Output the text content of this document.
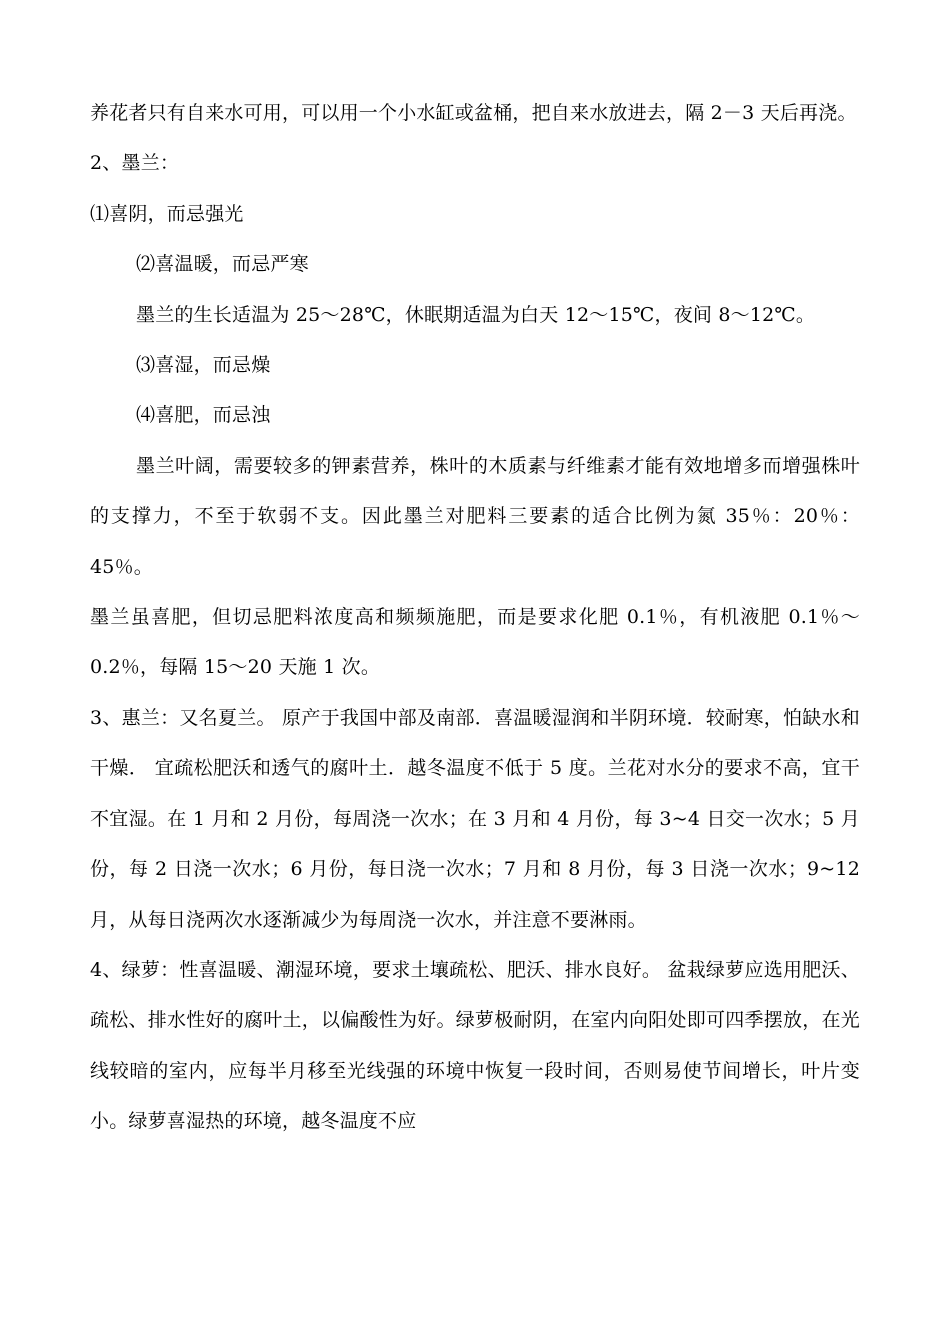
养花者只有自来水可用，可以用一个小水缸或盆桶，把自来水放进去，隔 2－3 天后再浇。

2、墨兰：

⑴喜阴，而忌强光

⑵喜温暖，而忌严寒

墨兰的生长适温为 25～28℃，休眠期适温为白天 12～15℃，夜间 8～12℃。

⑶喜湿，而忌燥

⑷喜肥，而忌浊

墨兰叶阔，需要较多的钾素营养，株叶的木质素与纤维素才能有效地增多而增强株叶的支撑力，不至于软弱不支。因此墨兰对肥料三要素的适合比例为氮 35％：20％：45％。

墨兰虽喜肥，但切忌肥料浓度高和频频施肥，而是要求化肥 0.1％，有机液肥 0.1％～0.2％，每隔 15～20 天施 1 次。

3、惠兰：又名夏兰。 原产于我国中部及南部．喜温暖湿润和半阴环境．较耐寒，怕缺水和干燥． 宜疏松肥沃和透气的腐叶土．越冬温度不低于 5 度。兰花对水分的要求不高，宜干不宜湿。在 1 月和 2 月份，每周浇一次水；在 3 月和 4 月份，每 3~4 日交一次水；5 月份，每 2 日浇一次水；6 月份，每日浇一次水；7 月和 8 月份，每 3 日浇一次水；9~12 月，从每日浇两次水逐渐减少为每周浇一次水，并注意不要淋雨。

4、绿萝：性喜温暖、潮湿环境，要求土壤疏松、肥沃、排水良好。 盆栽绿萝应选用肥沃、疏松、排水性好的腐叶土，以偏酸性为好。绿萝极耐阴，在室内向阳处即可四季摆放，在光线较暗的室内，应每半月移至光线强的环境中恢复一段时间，否则易使节间增长，叶片变小。绿萝喜湿热的环境，越冬温度不应
